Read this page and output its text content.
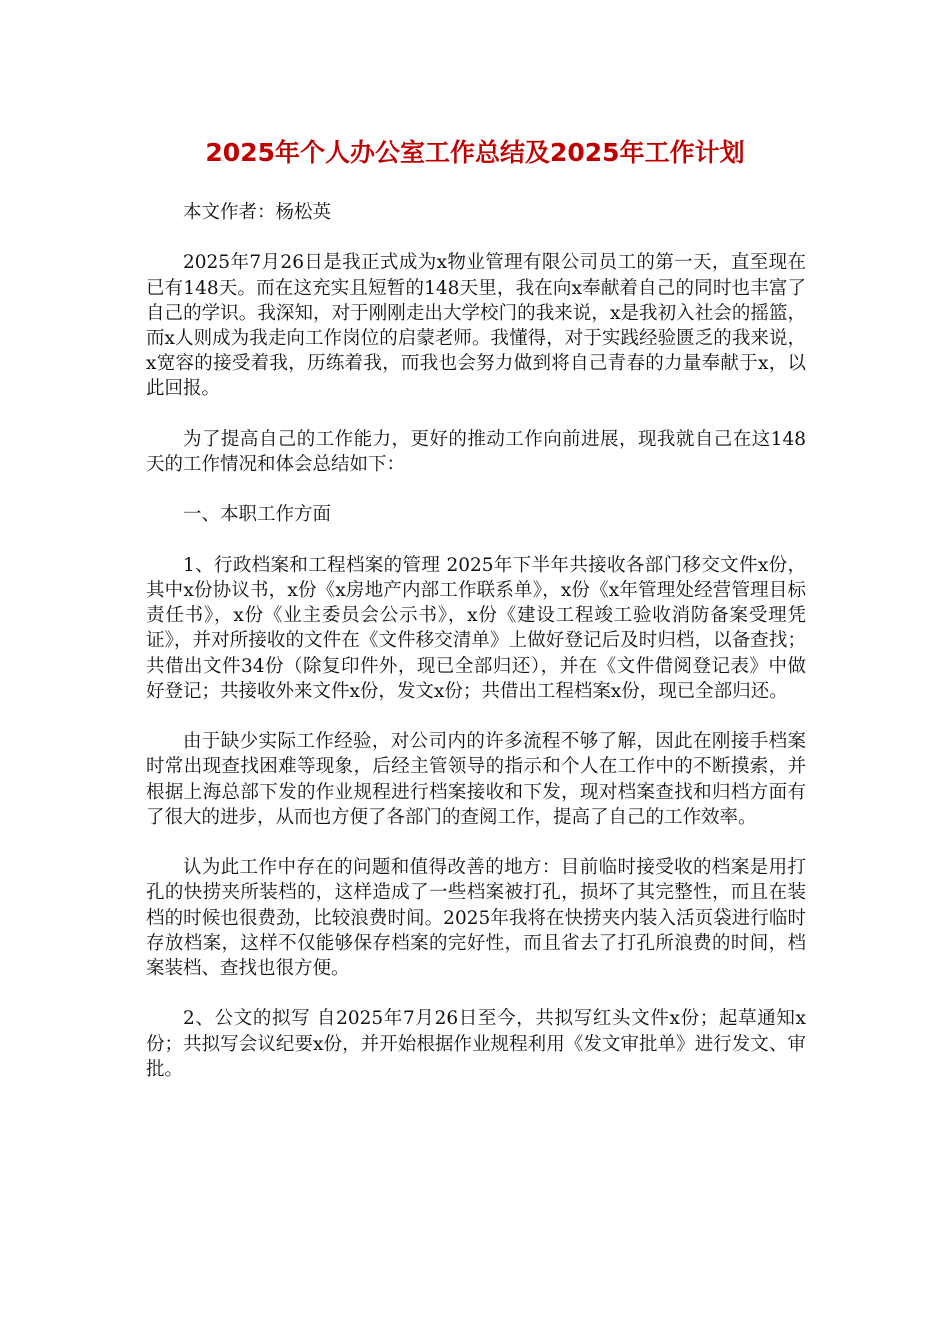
2025年个人办公室工作总结及2025年工作计划

本文作者：杨松英

2025年7月26日是我正式成为x物业管理有限公司员工的第一天，直至现在已有148天。而在这充实且短暂的148天里，我在向x奉献着自己的同时也丰富了自己的学识。我深知，对于刚刚走出大学校门的我来说，x是我初入社会的摇篮，而x人则成为我走向工作岗位的启蒙老师。我懂得，对于实践经验匮乏的我来说，x宽容的接受着我，历练着我，而我也会努力做到将自己青春的力量奉献于x，以此回报。

为了提高自己的工作能力，更好的推动工作向前进展，现我就自己在这148天的工作情况和体会总结如下：

一、本职工作方面

1、行政档案和工程档案的管理 2025年下半年共接收各部门移交文件x份，其中x份协议书，x份《x房地产内部工作联系单》，x份《x年管理处经营管理目标责任书》，x份《业主委员会公示书》，x份《建设工程竣工验收消防备案受理凭证》，并对所接收的文件在《文件移交清单》上做好登记后及时归档，以备查找；共借出文件34份（除复印件外，现已全部归还），并在《文件借阅登记表》中做好登记；共接收外来文件x份，发文x份；共借出工程档案x份，现已全部归还。

由于缺少实际工作经验，对公司内的许多流程不够了解，因此在刚接手档案时常出现查找困难等现象，后经主管领导的指示和个人在工作中的不断摸索，并根据上海总部下发的作业规程进行档案接收和下发，现对档案查找和归档方面有了很大的进步，从而也方便了各部门的查阅工作，提高了自己的工作效率。

认为此工作中存在的问题和值得改善的地方：目前临时接受收的档案是用打孔的快捞夹所装档的，这样造成了一些档案被打孔，损坏了其完整性，而且在装档的时候也很费劲，比较浪费时间。2025年我将在快捞夹内装入活页袋进行临时存放档案，这样不仅能够保存档案的完好性，而且省去了打孔所浪费的时间，档案装档、查找也很方便。

2、公文的拟写 自2025年7月26日至今，共拟写红头文件x份；起草通知x份；共拟写会议纪要x份，并开始根据作业规程利用《发文审批单》进行发文、审批。
